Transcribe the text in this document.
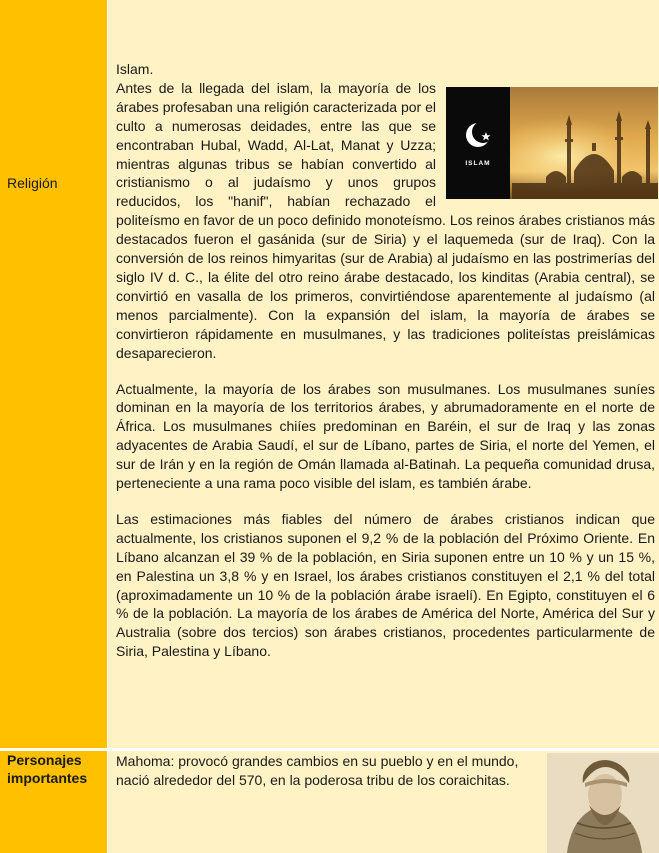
Religión
Islam.

ISLAM
Antes de la llegada del islam, la mayoría de los árabes profesaban una religión caracterizada por el culto a numerosas deidades, entre las que se encontraban Hubal, Wadd, Al-Lat, Manat y Uzza; mientras algunas tribus se habían convertido al cristianismo o al judaísmo y unos grupos reducidos, los "hanif", habían rechazado el politeísmo en favor de un poco definido monoteísmo. Los reinos árabes cristianos más destacados fueron el gasánida (sur de Siria) y el laquemeda (sur de Iraq). Con la conversión de los reinos himyaritas (sur de Arabia) al judaísmo en las postrimerías del siglo IV d. C., la élite del otro reino árabe destacado, los kinditas (Arabia central), se convirtió en vasalla de los primeros, convirtiéndose aparentemente al judaísmo (al menos parcialmente). Con la expansión del islam, la mayoría de árabes se convirtieron rápidamente en musulmanes, y las tradiciones politeístas preislámicas desaparecieron.

Actualmente, la mayoría de los árabes son musulmanes. Los musulmanes suníes dominan en la mayoría de los territorios árabes, y abrumadoramente en el norte de África. Los musulmanes chiíes predominan en Baréin, el sur de Iraq y las zonas adyacentes de Arabia Saudí, el sur de Líbano, partes de Siria, el norte del Yemen, el sur de Irán y en la región de Omán llamada al-Batinah. La pequeña comunidad drusa, perteneciente a una rama poco visible del islam, es también árabe.

Las estimaciones más fiables del número de árabes cristianos indican que actualmente, los cristianos suponen el 9,2 % de la población del Próximo Oriente. En Líbano alcanzan el 39 % de la población, en Siria suponen entre un 10 % y un 15 %, en Palestina un 3,8 % y en Israel, los árabes cristianos constituyen el 2,1 % del total (aproximadamente un 10 % de la población árabe israelí). En Egipto, constituyen el 6 % de la población. La mayoría de los árabes de América del Norte, América del Sur y Australia (sobre dos tercios) son árabes cristianos, procedentes particularmente de Siria, Palestina y Líbano.

Personajes
importantes
Mahoma: provocó grandes cambios en su pueblo y en el mundo, nació alrededor del 570, en la poderosa tribu de los coraichitas.
